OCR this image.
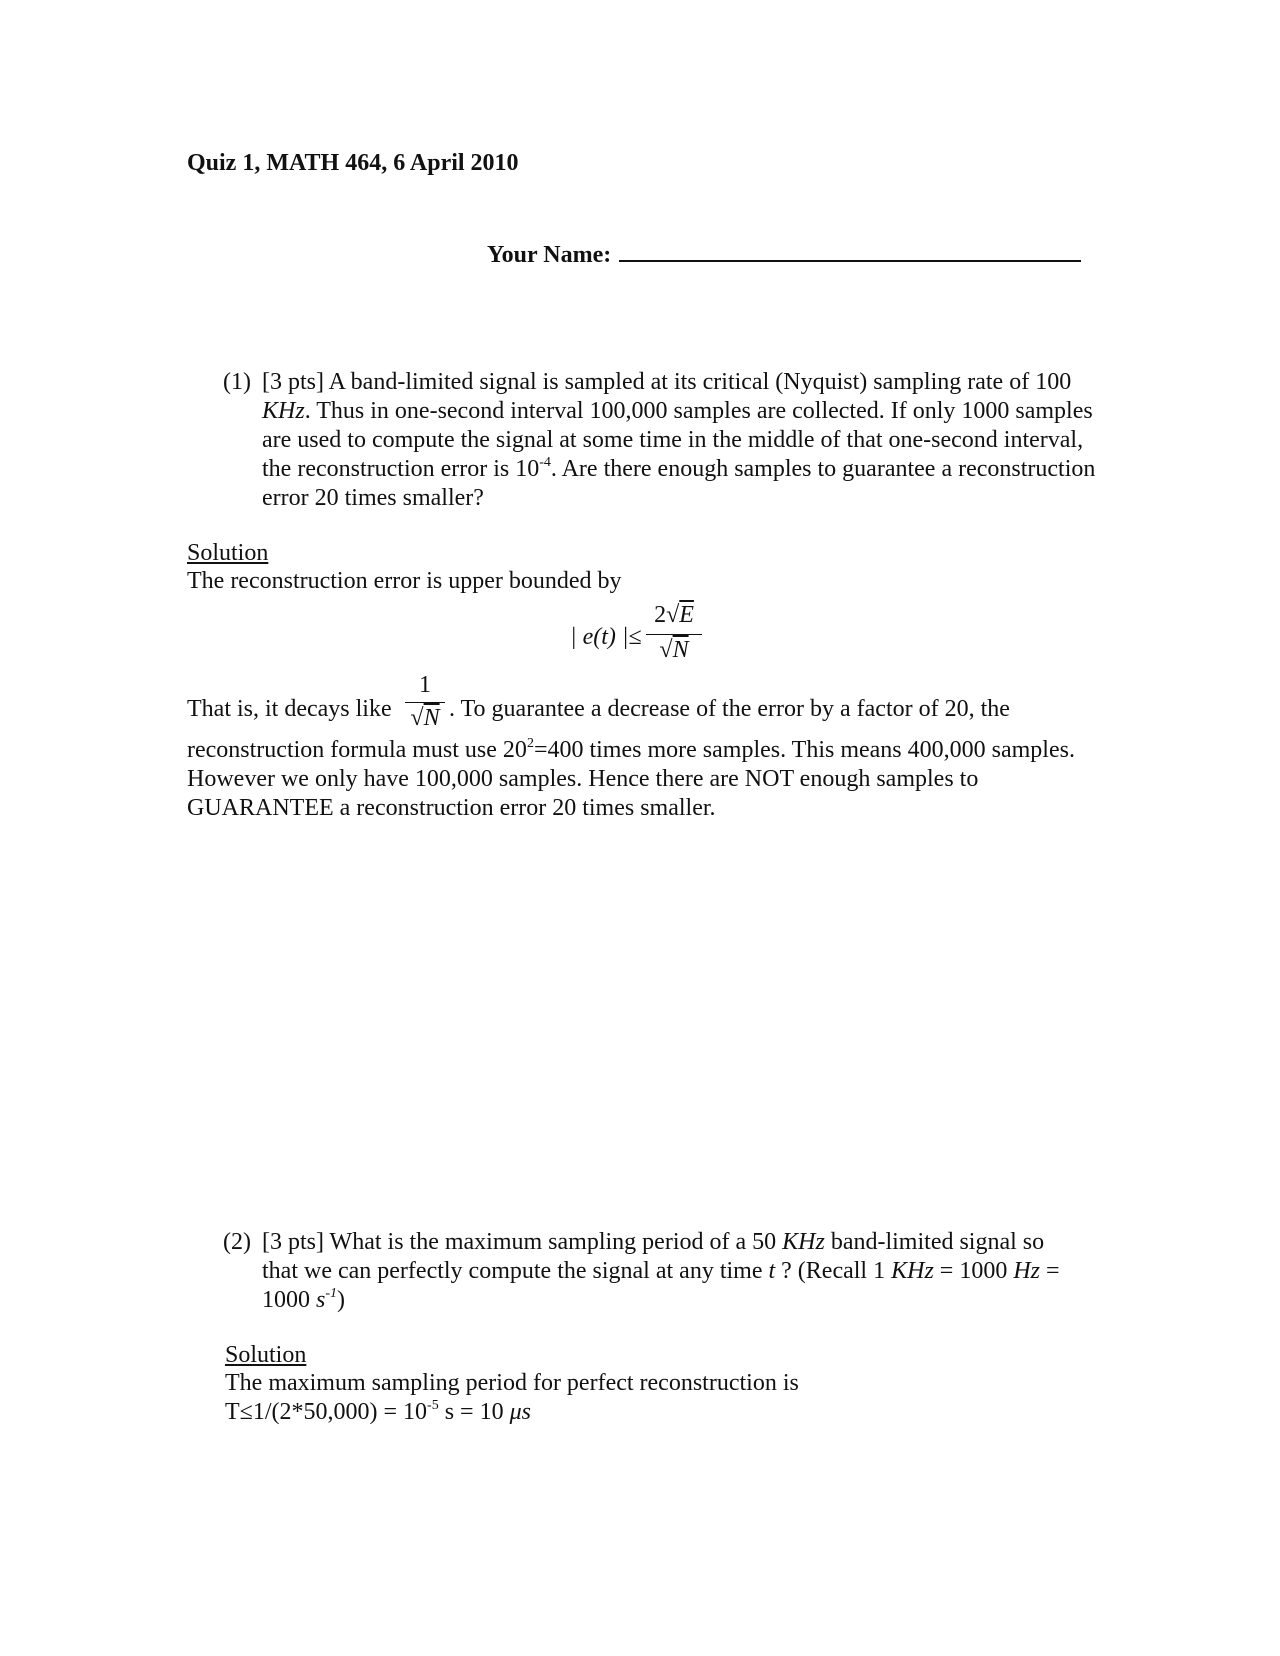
Quiz 1, MATH 464, 6 April 2010
Your Name:
(1) [3 pts] A band-limited signal is sampled at its critical (Nyquist) sampling rate of 100 KHz. Thus in one-second interval 100,000 samples are collected. If only 1000 samples are used to compute the signal at some time in the middle of that one-second interval, the reconstruction error is $10^{-4}$. Are there enough samples to guarantee a reconstruction error 20 times smaller?
Solution
The reconstruction error is upper bounded by
| e(t) |≤
2√E
√N
That is, it decays like
1
√N . To guarantee a decrease of the error by a factor of 20, the
reconstruction formula must use $20^2=400$ times more samples. This means 400,000 samples. However we only have 100,000 samples. Hence there are NOT enough samples to GUARANTEE a reconstruction error 20 times smaller.
(2) [3 pts] What is the maximum sampling period of a 50 KHz band-limited signal so that we can perfectly compute the signal at any time t ? (Recall 1 KHz = 1000 Hz = 1000 $s^{-1}$)
Solution
The maximum sampling period for perfect reconstruction is
$T\le 1/(2*50,000) = 10^{-5}$ s = 10 μs
